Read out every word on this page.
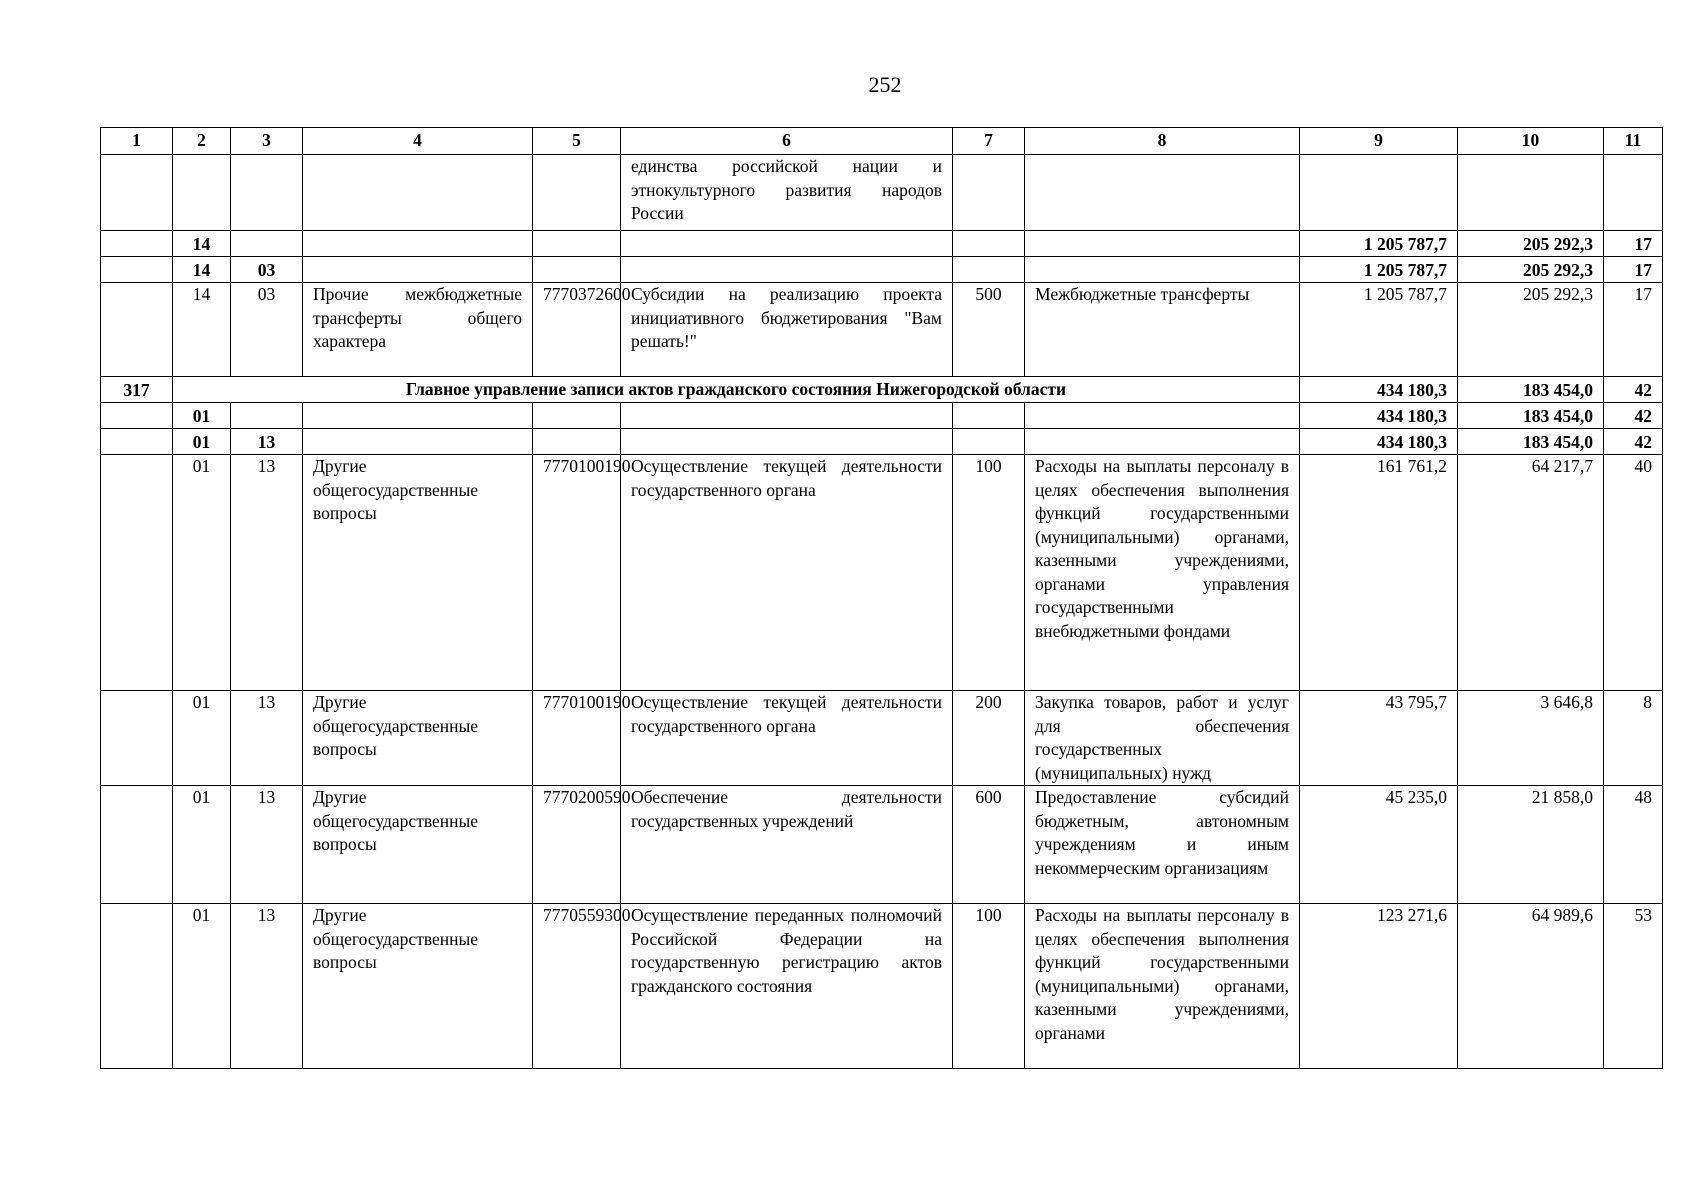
252
1	2	3	4	5	6	7	8	9	10	11
					единства российской нации и этнокультурного развития народов России					
	14							1 205 787,7	205 292,3	17
	14	03						1 205 787,7	205 292,3	17
	14	03	Прочие межбюджетные трансферты общего характера	7770372600	Субсидии на реализацию проекта инициативного бюджетирования "Вам решать!"	500	Межбюджетные трансферты	1 205 787,7	205 292,3	17
317	Главное управление записи актов гражданского состояния Нижегородской области							434 180,3	183 454,0	42
	01							434 180,3	183 454,0	42
	01	13						434 180,3	183 454,0	42
	01	13	Другие общегосударственные вопросы	7770100190	Осуществление текущей деятельности государственного органа	100	Расходы на выплаты персоналу в целях обеспечения выполнения функций государственными (муниципальными) органами, казенными учреждениями, органами управления государственными внебюджетными фондами	161 761,2	64 217,7	40
	01	13	Другие общегосударственные вопросы	7770100190	Осуществление текущей деятельности государственного органа	200	Закупка товаров, работ и услуг для обеспечения государственных (муниципальных) нужд	43 795,7	3 646,8	8
	01	13	Другие общегосударственные вопросы	7770200590	Обеспечение деятельности государственных учреждений	600	Предоставление субсидий бюджетным, автономным учреждениям и иным некоммерческим организациям	45 235,0	21 858,0	48
	01	13	Другие общегосударственные вопросы	7770559300	Осуществление переданных полномочий Российской Федерации на государственную регистрацию актов гражданского состояния	100	Расходы на выплаты персоналу в целях обеспечения выполнения функций государственными (муниципальными) органами, казенными учреждениями, органами	123 271,6	64 989,6	53
